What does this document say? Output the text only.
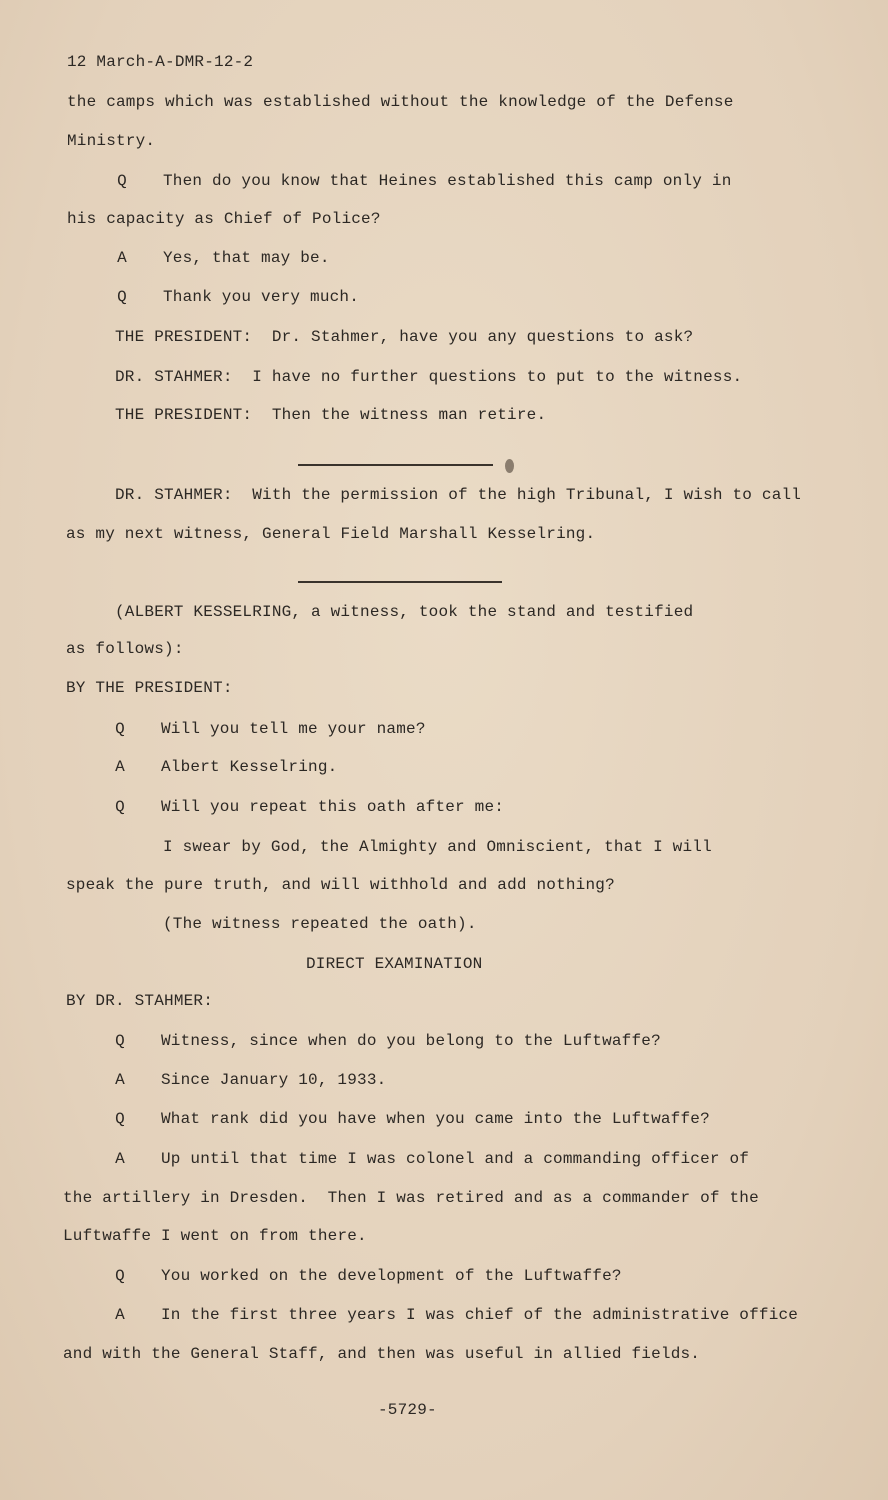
12 March-A-DMR-12-2
the camps which was established without the knowledge of the Defense
Ministry.
Q	Then do you know that Heines established this camp only in
his capacity as Chief of Police?
A	Yes, that may be.
Q	Thank you very much.
THE PRESIDENT:  Dr. Stahmer, have you any questions to ask?
DR. STAHMER:  I have no further questions to put to the witness.
THE PRESIDENT:  Then the witness man retire.
DR. STAHMER:  With the permission of the high Tribunal, I wish to call
as my next witness, General Field Marshall Kesselring.
(ALBERT KESSELRING, a witness, took the stand and testified
as follows):
BY THE PRESIDENT:
Q	Will you tell me your name?
A	Albert Kesselring.
Q	Will you repeat this oath after me:
I swear by God, the Almighty and Omniscient, that I will
speak the pure truth, and will withhold and add nothing?
(The witness repeated the oath).
DIRECT EXAMINATION
BY DR. STAHMER:
Q	Witness, since when do you belong to the Luftwaffe?
A	Since January 10, 1933.
Q	What rank did you have when you came into the Luftwaffe?
A	Up until that time I was colonel and a commanding officer of
the artillery in Dresden.  Then I was retired and as a commander of the
Luftwaffe I went on from there.
Q	You worked on the development of the Luftwaffe?
A	In the first three years I was chief of the administrative office
and with the General Staff, and then was useful in allied fields.
-5729-
